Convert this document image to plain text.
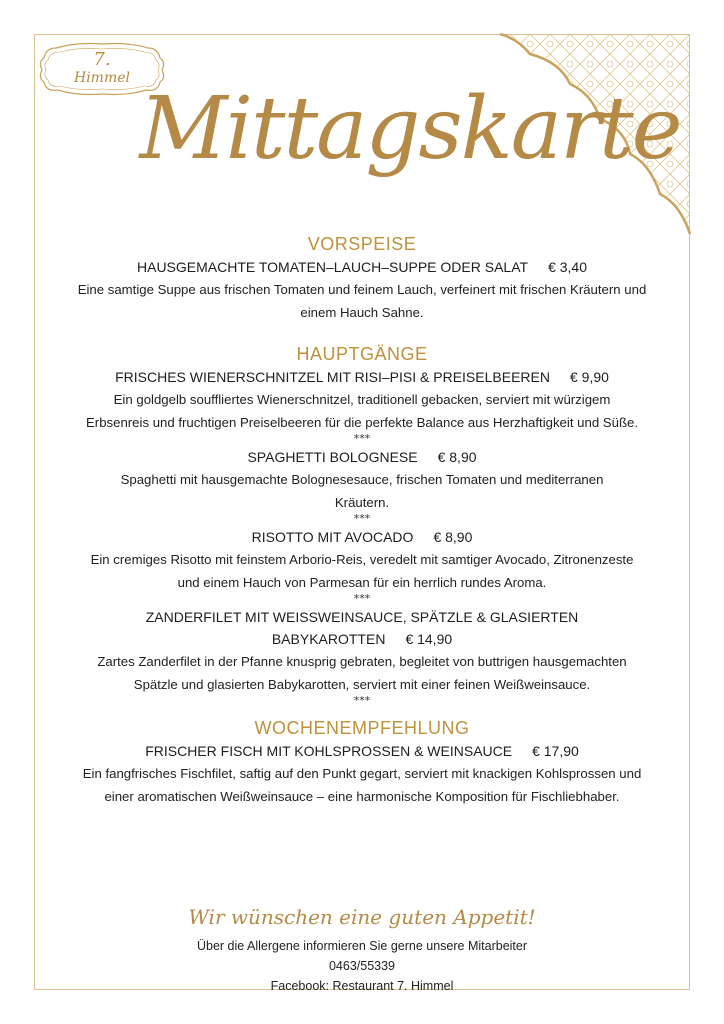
7.
Himmel
Mittagskarte
VORSPEISE
HAUSGEMACHTE TOMATEN–LAUCH–SUPPE ODER SALAT € 3,40
Eine samtige Suppe aus frischen Tomaten und feinem Lauch, verfeinert mit frischen Kräutern und einem Hauch Sahne.
HAUPTGÄNGE
FRISCHES WIENERSCHNITZEL MIT RISI–PISI & PREISELBEEREN € 9,90
Ein goldgelb souffliertes Wienerschnitzel, traditionell gebacken, serviert mit würzigem Erbsenreis und fruchtigen Preiselbeeren für die perfekte Balance aus Herzhaftigkeit und Süße.
***
SPAGHETTI BOLOGNESE € 8,90
Spaghetti mit hausgemachte Bolognesesauce, frischen Tomaten und mediterranen Kräutern.
***
RISOTTO MIT AVOCADO € 8,90
Ein cremiges Risotto mit feinstem Arborio-Reis, veredelt mit samtiger Avocado, Zitronenzeste und einem Hauch von Parmesan für ein herrlich rundes Aroma.
***
ZANDERFILET MIT WEISSWEINSAUCE, SPÄTZLE & GLASIERTEN BABYKAROTTEN € 14,90
Zartes Zanderfilet in der Pfanne knusprig gebraten, begleitet von buttrigen hausgemachten Spätzle und glasierten Babykarotten, serviert mit einer feinen Weißweinsauce.
***
WOCHENEMPFEHLUNG
FRISCHER FISCH MIT KOHLSPROSSEN & WEINSAUCE € 17,90
Ein fangfrisches Fischfilet, saftig auf den Punkt gegart, serviert mit knackigen Kohlsprossen und einer aromatischen Weißweinsauce – eine harmonische Komposition für Fischliebhaber.
Wir wünschen eine guten Appetit!
Über die Allergene informieren Sie gerne unsere Mitarbeiter
0463/55339
Facebook: Restaurant 7. Himmel
